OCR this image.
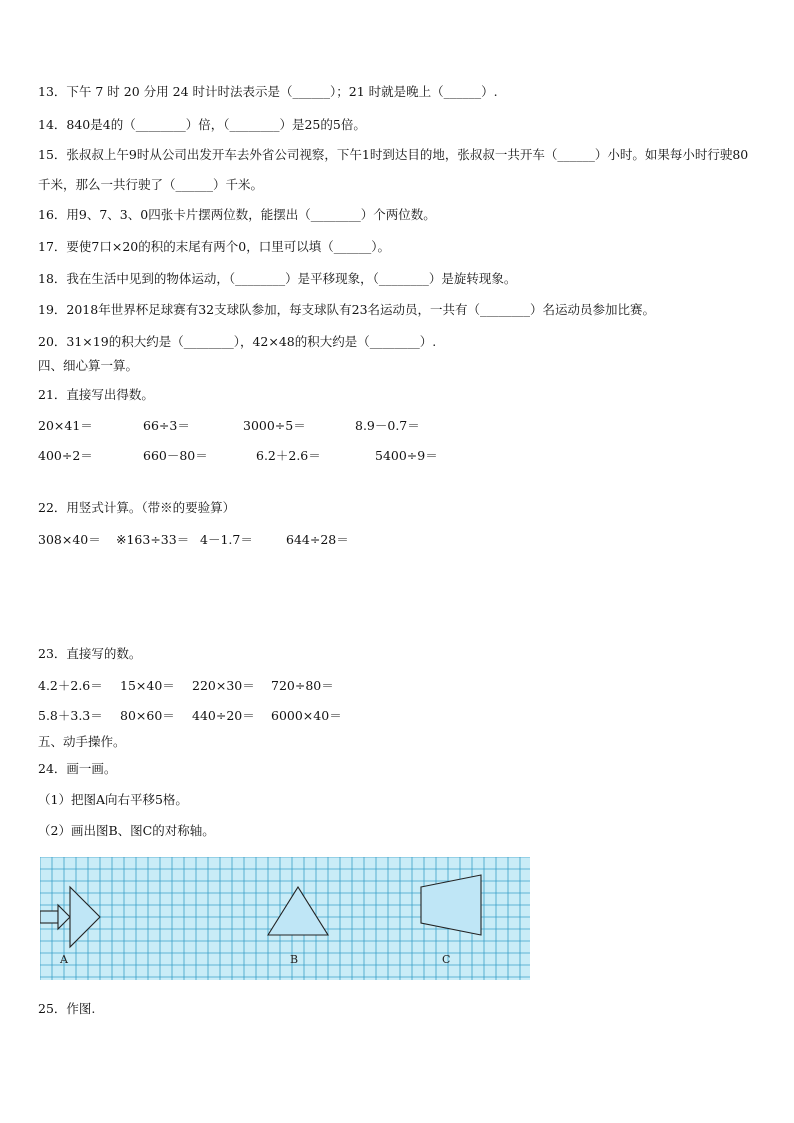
13．下午 7 时 20 分用 24 时计时法表示是（______）；21 时就是晚上（______）.
14．840是4的（________）倍，（________）是25的5倍。
15．张叔叔上午9时从公司出发开车去外省公司视察，下午1时到达目的地，张叔叔一共开车（______）小时。如果每小时行驶80千米，那么一共行驶了（______）千米。
16．用9、7、3、0四张卡片摆两位数，能摆出（________）个两位数。
17．要使7口×20的积的末尾有两个0，口里可以填（______）。
18．我在生活中见到的物体运动，（________）是平移现象，（________）是旋转现象。
19．2018年世界杯足球赛有32支球队参加，每支球队有23名运动员，一共有（________）名运动员参加比赛。
20．31×19的积大约是（________），42×48的积大约是（________）.
四、细心算一算。
21．直接写出得数。
20×41＝	66÷3＝	3000÷5＝	8.9－0.7＝
400÷2＝	660－80＝	6.2＋2.6＝	5400÷9＝
22．用竖式计算。（带※的要验算）
308×40＝ ※163÷33＝ 4－1.7＝	644÷28＝
23．直接写的数。
4.2＋2.6＝ 15×40＝ 220×30＝ 720÷80＝
5.8＋3.3＝ 80×60＝ 440÷20＝ 6000×40＝
五、动手操作。
24．画一画。
（1）把图A向右平移5格。
（2）画出图B、图C的对称轴。
A	B	C
25．作图.
